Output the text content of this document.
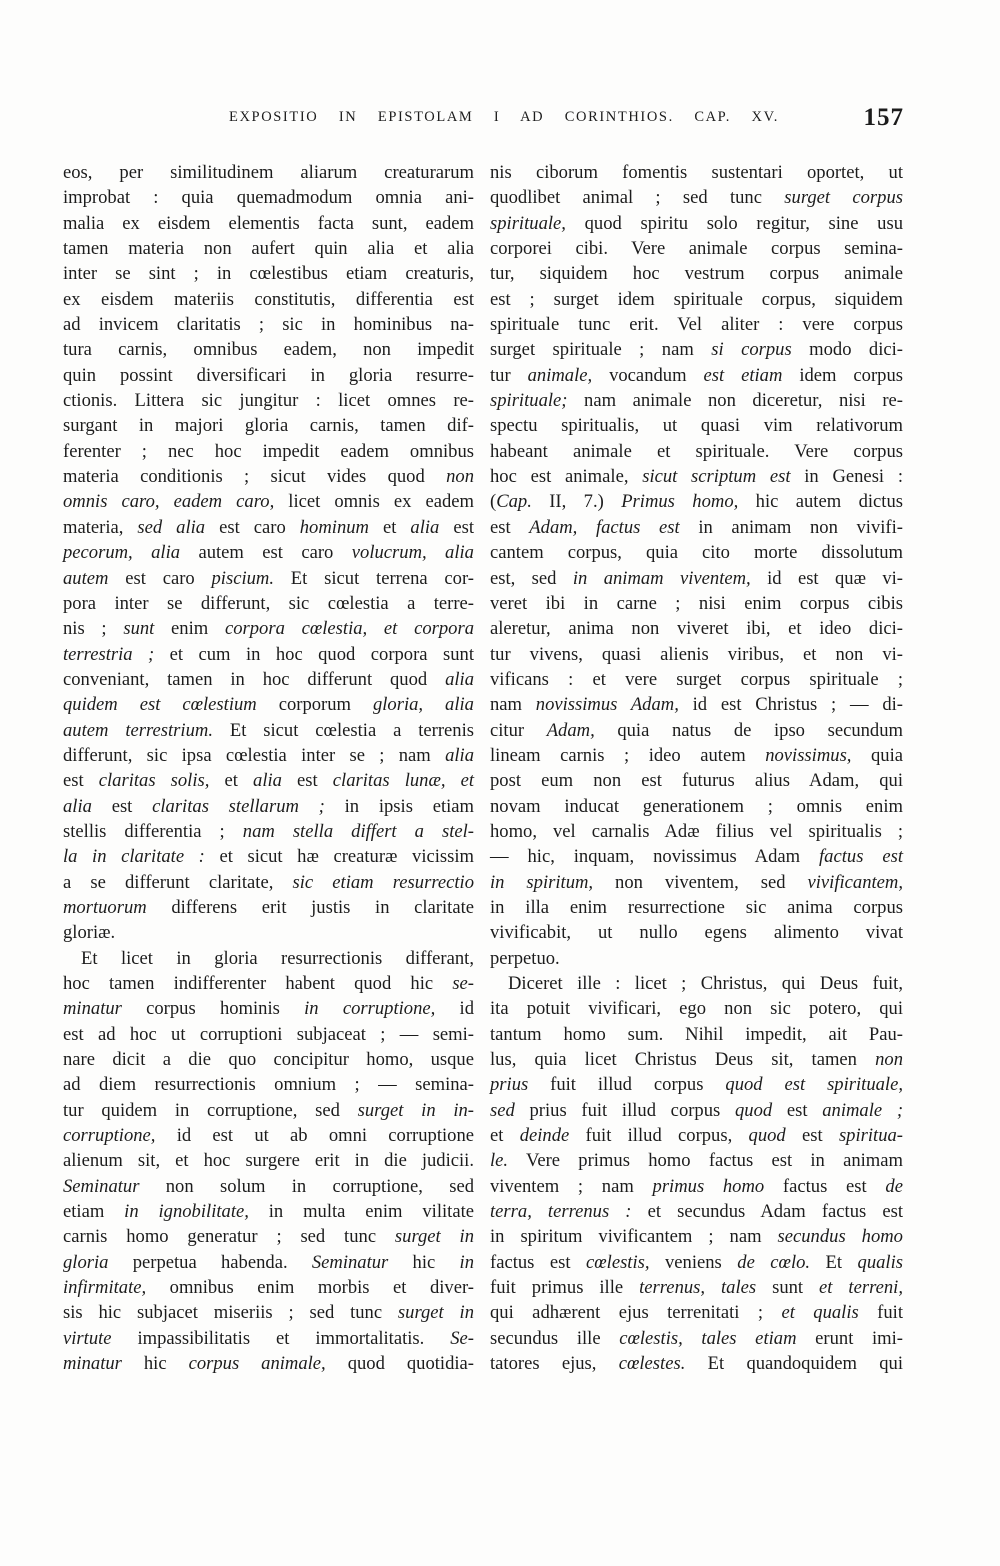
EXPOSITIO IN EPISTOLAM I AD CORINTHIOS. CAP. XV.	157
eos, per similitudinem aliarum creaturarum
improbat : quia quemadmodum omnia ani-
malia ex eisdem elementis facta sunt, eadem
tamen materia non aufert quin alia et alia
inter se sint ; in cœlestibus etiam creaturis,
ex eisdem materiis constitutis, differentia est
ad invicem claritatis ; sic in hominibus na-
tura carnis, omnibus eadem, non impedit
quin possint diversificari in gloria resurre-
ctionis. Littera sic jungitur : licet omnes re-
surgant in majori gloria carnis, tamen dif-
ferenter ; nec hoc impedit eadem omnibus
materia conditionis ; sicut vides quod non
omnis caro, eadem caro, licet omnis ex eadem
materia, sed alia est caro hominum et alia est
pecorum, alia autem est caro volucrum, alia
autem est caro piscium. Et sicut terrena cor-
pora inter se differunt, sic cœlestia a terre-
nis ; sunt enim corpora cœlestia, et corpora
terrestria ; et cum in hoc quod corpora sunt
conveniant, tamen in hoc differunt quod alia
quidem est cœlestium corporum gloria, alia
autem terrestrium. Et sicut cœlestia a terrenis
differunt, sic ipsa cœlestia inter se ; nam alia
est claritas solis, et alia est claritas lunæ, et
alia est claritas stellarum ; in ipsis etiam
stellis differentia ; nam stella differt a stel-
la in claritate : et sicut hæ creaturæ vicissim
a se differunt claritate, sic etiam resurrectio
mortuorum differens erit justis in claritate
gloriæ.
Et licet in gloria resurrectionis differant,
hoc tamen indifferenter habent quod hic se-
minatur corpus hominis in corruptione, id
est ad hoc ut corruptioni subjaceat ; — semi-
nare dicit a die quo concipitur homo, usque
ad diem resurrectionis omnium ; — semina-
tur quidem in corruptione, sed surget in in-
corruptione, id est ut ab omni corruptione
alienum sit, et hoc surgere erit in die judicii.
Seminatur non solum in corruptione, sed
etiam in ignobilitate, in multa enim vilitate
carnis homo generatur ; sed tunc surget in
gloria perpetua habenda. Seminatur hic in
infirmitate, omnibus enim morbis et diver-
sis hic subjacet miseriis ; sed tunc surget in
virtute impassibilitatis et immortalitatis. Se-
minatur hic corpus animale, quod quotidia-
nis ciborum fomentis sustentari oportet, ut
quodlibet animal ; sed tunc surget corpus
spirituale, quod spiritu solo regitur, sine usu
corporei cibi. Vere animale corpus semina-
tur, siquidem hoc vestrum corpus animale
est ; surget idem spirituale corpus, siquidem
spirituale tunc erit. Vel aliter : vere corpus
surget spirituale ; nam si corpus modo dici-
tur animale, vocandum est etiam idem corpus
spirituale; nam animale non diceretur, nisi re-
spectu spiritualis, ut quasi vim relativorum
habeant animale et spirituale. Vere corpus
hoc est animale, sicut scriptum est in Genesi :
(Cap. II, 7.) Primus homo, hic autem dictus
est Adam, factus est in animam non vivifi-
cantem corpus, quia cito morte dissolutum
est, sed in animam viventem, id est quæ vi-
veret ibi in carne ; nisi enim corpus cibis
aleretur, anima non viveret ibi, et ideo dici-
tur vivens, quasi alienis viribus, et non vi-
vificans : et vere surget corpus spirituale ;
nam novissimus Adam, id est Christus ; — di-
citur Adam, quia natus de ipso secundum
lineam carnis ; ideo autem novissimus, quia
post eum non est futurus alius Adam, qui
novam inducat generationem ; omnis enim
homo, vel carnalis Adæ filius vel spiritualis ;
— hic, inquam, novissimus Adam factus est
in spiritum, non viventem, sed vivificantem,
in illa enim resurrectione sic anima corpus
vivificabit, ut nullo egens alimento vivat
perpetuo.
Diceret ille : licet ; Christus, qui Deus fuit,
ita potuit vivificari, ego non sic potero, qui
tantum homo sum. Nihil impedit, ait Pau-
lus, quia licet Christus Deus sit, tamen non
prius fuit illud corpus quod est spirituale,
sed prius fuit illud corpus quod est animale ;
et deinde fuit illud corpus, quod est spiritua-
le. Vere primus homo factus est in animam
viventem ; nam primus homo factus est de
terra, terrenus : et secundus Adam factus est
in spiritum vivificantem ; nam secundus homo
factus est cœlestis, veniens de cœlo. Et qualis
fuit primus ille terrenus, tales sunt et terreni,
qui adhærent ejus terrenitati ; et qualis fuit
secundus ille cœlestis, tales etiam erunt imi-
tatores ejus, cœlestes. Et quandoquidem qui
